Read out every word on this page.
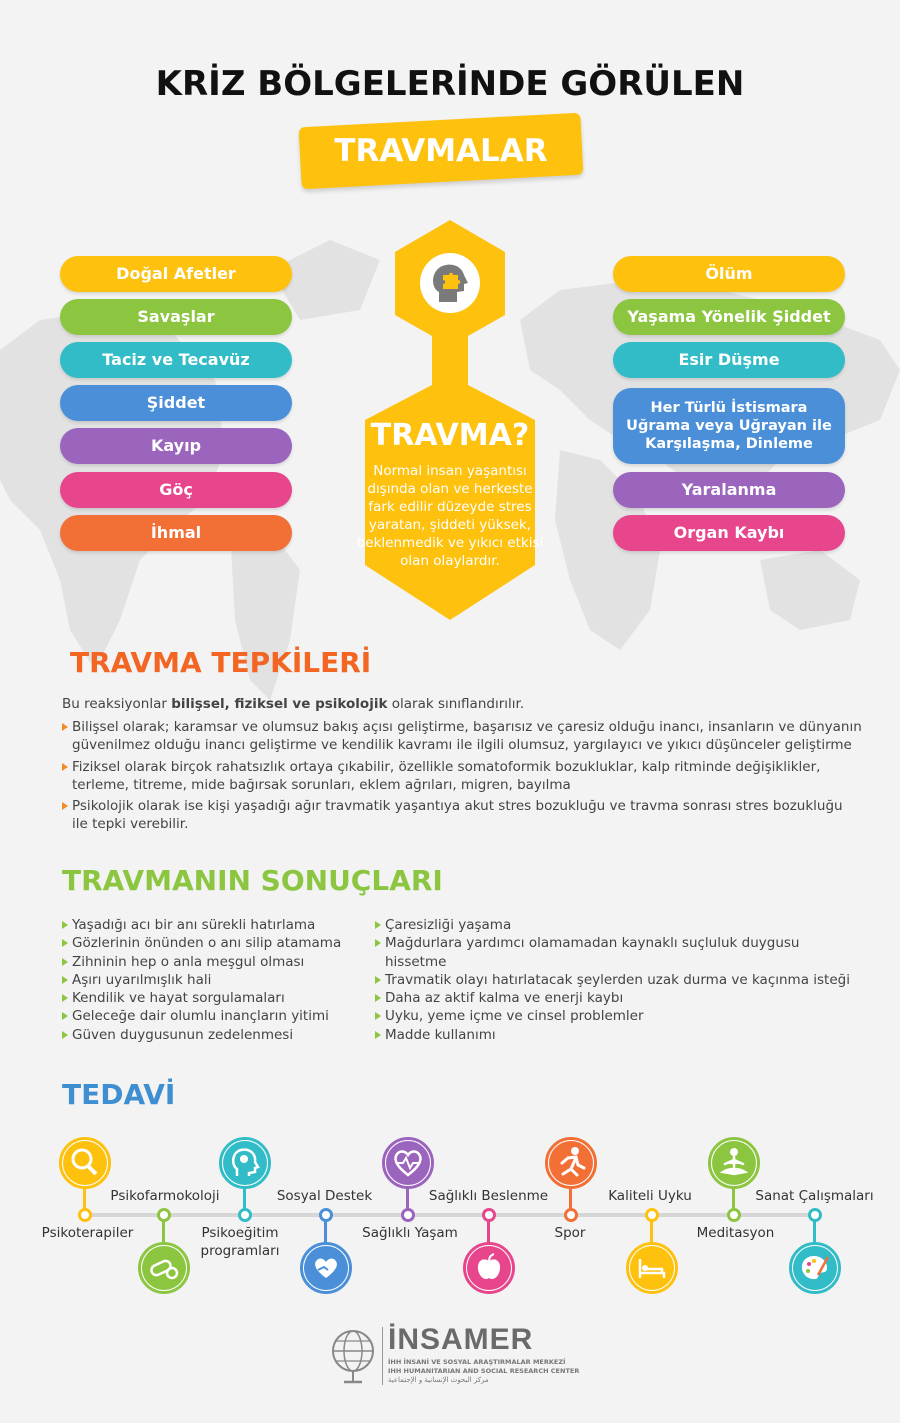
KRİZ BÖLGELERİNDE GÖRÜLEN
TRAVMALAR
Doğal Afetler
Savaşlar
Taciz ve Tecavüz
Şiddet
Kayıp
Göç
İhmal
Ölüm
Yaşama Yönelik Şiddet
Esir Düşme
Her Türlü İstismara Uğrama veya Uğrayan ile Karşılaşma, Dinleme
Yaralanma
Organ Kaybı
TRAVMA?
Normal insan yaşantısı dışında olan ve herkeste fark edilir düzeyde stres yaratan, şiddeti yüksek, beklenmedik ve yıkıcı etkisi olan olaylardır.
TRAVMA TEPKİLERİ
Bu reaksiyonlar bilişsel, fiziksel ve psikolojik olarak sınıflandırılır.
Bilişsel olarak; karamsar ve olumsuz bakış açısı geliştirme, başarısız ve çaresiz olduğu inancı, insanların ve dünyanın güvenilmez olduğu inancı geliştirme ve kendilik kavramı ile ilgili olumsuz, yargılayıcı ve yıkıcı düşünceler geliştirme
Fiziksel olarak birçok rahatsızlık ortaya çıkabilir, özellikle somatoformik bozukluklar, kalp ritminde değişiklikler, terleme, titreme, mide bağırsak sorunları, eklem ağrıları, migren, bayılma
Psikolojik olarak ise kişi yaşadığı ağır travmatik yaşantıya akut stres bozukluğu ve travma sonrası stres bozukluğu ile tepki verebilir.
TRAVMANIN SONUÇLARI
Yaşadığı acı bir anı sürekli hatırlama
Gözlerinin önünden o anı silip atamama
Zihninin hep o anla meşgul olması
Aşırı uyarılmışlık hali
Kendilik ve hayat sorgulamaları
Geleceğe dair olumlu inançların yitimi
Güven duygusunun zedelenmesi
Çaresizliği yaşama
Mağdurlara yardımcı olamamadan kaynaklı suçluluk duygusu hissetme
Travmatik olayı hatırlatacak şeylerden uzak durma ve kaçınma isteği
Daha az aktif kalma ve enerji kaybı
Uyku, yeme içme ve cinsel problemler
Madde kullanımı
TEDAVİ
Psikoterapiler
Psikofarmokoloji
Psikoeğitim
programları
Sosyal Destek
Sağlıklı Yaşam
Sağlıklı Beslenme
Spor
Kaliteli Uyku
Meditasyon
Sanat Çalışmaları
İNSAMER
İHH İNSANİ VE SOSYAL ARAŞTIRMALAR MERKEZİ
IHH HUMANITARIAN AND SOCIAL RESEARCH CENTER
مركز البحوث الإنسانية و الإجتماعية
